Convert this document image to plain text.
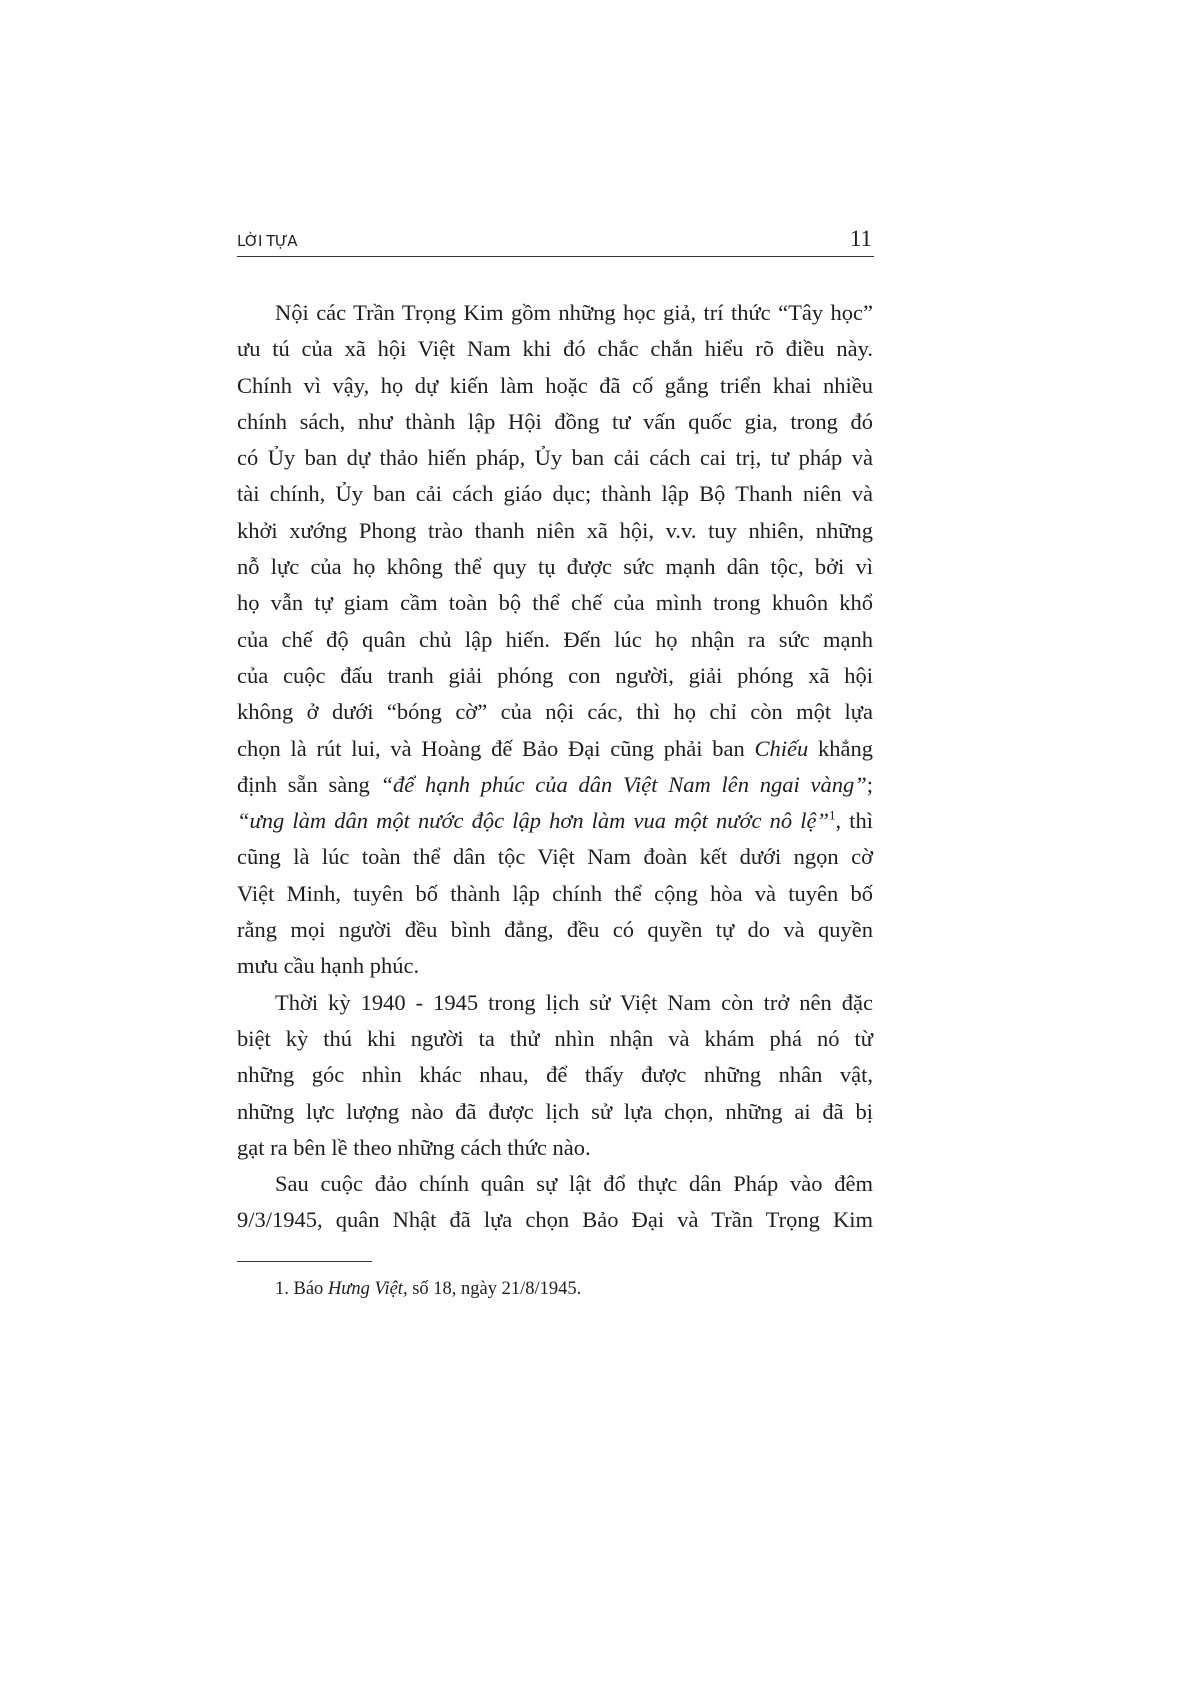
LỜI TỰA	11
Nội các Trần Trọng Kim gồm những học giả, trí thức “Tây học”
ưu tú của xã hội Việt Nam khi đó chắc chắn hiểu rõ điều này.
Chính vì vậy, họ dự kiến làm hoặc đã cố gắng triển khai nhiều
chính sách, như thành lập Hội đồng tư vấn quốc gia, trong đó
có Ủy ban dự thảo hiến pháp, Ủy ban cải cách cai trị, tư pháp và
tài chính, Ủy ban cải cách giáo dục; thành lập Bộ Thanh niên và
khởi xướng Phong trào thanh niên xã hội, v.v. tuy nhiên, những
nỗ lực của họ không thể quy tụ được sức mạnh dân tộc, bởi vì
họ vẫn tự giam cầm toàn bộ thể chế của mình trong khuôn khổ
của chế độ quân chủ lập hiến. Đến lúc họ nhận ra sức mạnh
của cuộc đấu tranh giải phóng con người, giải phóng xã hội
không ở dưới “bóng cờ” của nội các, thì họ chỉ còn một lựa
chọn là rút lui, và Hoàng đế Bảo Đại cũng phải ban Chiếu khẳng
định sẵn sàng “để hạnh phúc của dân Việt Nam lên ngai vàng”;
“ưng làm dân một nước độc lập hơn làm vua một nước nô lệ”$^1$, thì
cũng là lúc toàn thể dân tộc Việt Nam đoàn kết dưới ngọn cờ
Việt Minh, tuyên bố thành lập chính thể cộng hòa và tuyên bố
rằng mọi người đều bình đẳng, đều có quyền tự do và quyền
mưu cầu hạnh phúc.
Thời kỳ 1940 - 1945 trong lịch sử Việt Nam còn trở nên đặc
biệt kỳ thú khi người ta thử nhìn nhận và khám phá nó từ
những góc nhìn khác nhau, để thấy được những nhân vật,
những lực lượng nào đã được lịch sử lựa chọn, những ai đã bị
gạt ra bên lề theo những cách thức nào.
Sau cuộc đảo chính quân sự lật đổ thực dân Pháp vào đêm
9/3/1945, quân Nhật đã lựa chọn Bảo Đại và Trần Trọng Kim
1. Báo Hưng Việt, số 18, ngày 21/8/1945.
